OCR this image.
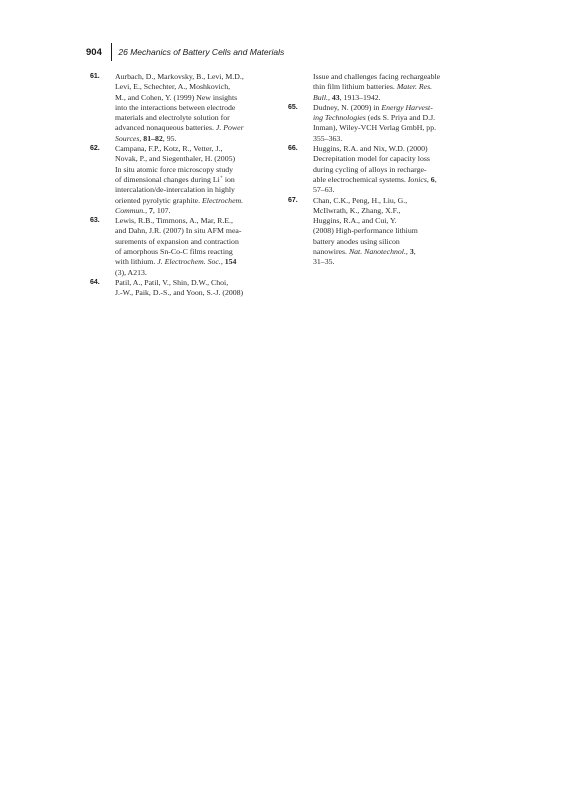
904	26 Mechanics of Battery Cells and Materials
61. Aurbach, D., Markovsky, B., Levi, M.D.,
Levi, E., Schechter, A., Moshkovich,
M., and Cohen, Y. (1999) New insights
into the interactions between electrode
materials and electrolyte solution for
advanced nonaqueous batteries. J. Power
Sources, 81–82, 95.
62. Campana, F.P., Kotz, R., Vetter, J.,
Novak, P., and Siegenthaler, H. (2005)
In situ atomic force microscopy study
of dimensional changes during Li+ ion
intercalation/de-intercalation in highly
oriented pyrolytic graphite. Electrochem.
Commun., 7, 107.
63. Lewis, R.B., Timmons, A., Mar, R.E.,
and Dahn, J.R. (2007) In situ AFM mea-
surements of expansion and contraction
of amorphous Sn-Co-C films reacting
with lithium. J. Electrochem. Soc., 154
(3), A213.
64. Patil, A., Patil, V., Shin, D.W., Choi,
J.-W., Paik, D.-S., and Yoon, S.-J. (2008)
Issue and challenges facing rechargeable
thin film lithium batteries. Mater. Res.
Bull., 43, 1913–1942.
65. Dudney, N. (2009) in Energy Harvest-
ing Technologies (eds S. Priya and D.J.
Inman), Wiley-VCH Verlag GmbH, pp.
355–363.
66. Huggins, R.A. and Nix, W.D. (2000)
Decrepitation model for capacity loss
during cycling of alloys in recharge-
able electrochemical systems. Ionics, 6,
57–63.
67. Chan, C.K., Peng, H., Liu, G.,
McIlwrath, K., Zhang, X.F.,
Huggins, R.A., and Cui, Y.
(2008) High-performance lithium
battery anodes using silicon
nanowires. Nat. Nanotechnol., 3,
31–35.
